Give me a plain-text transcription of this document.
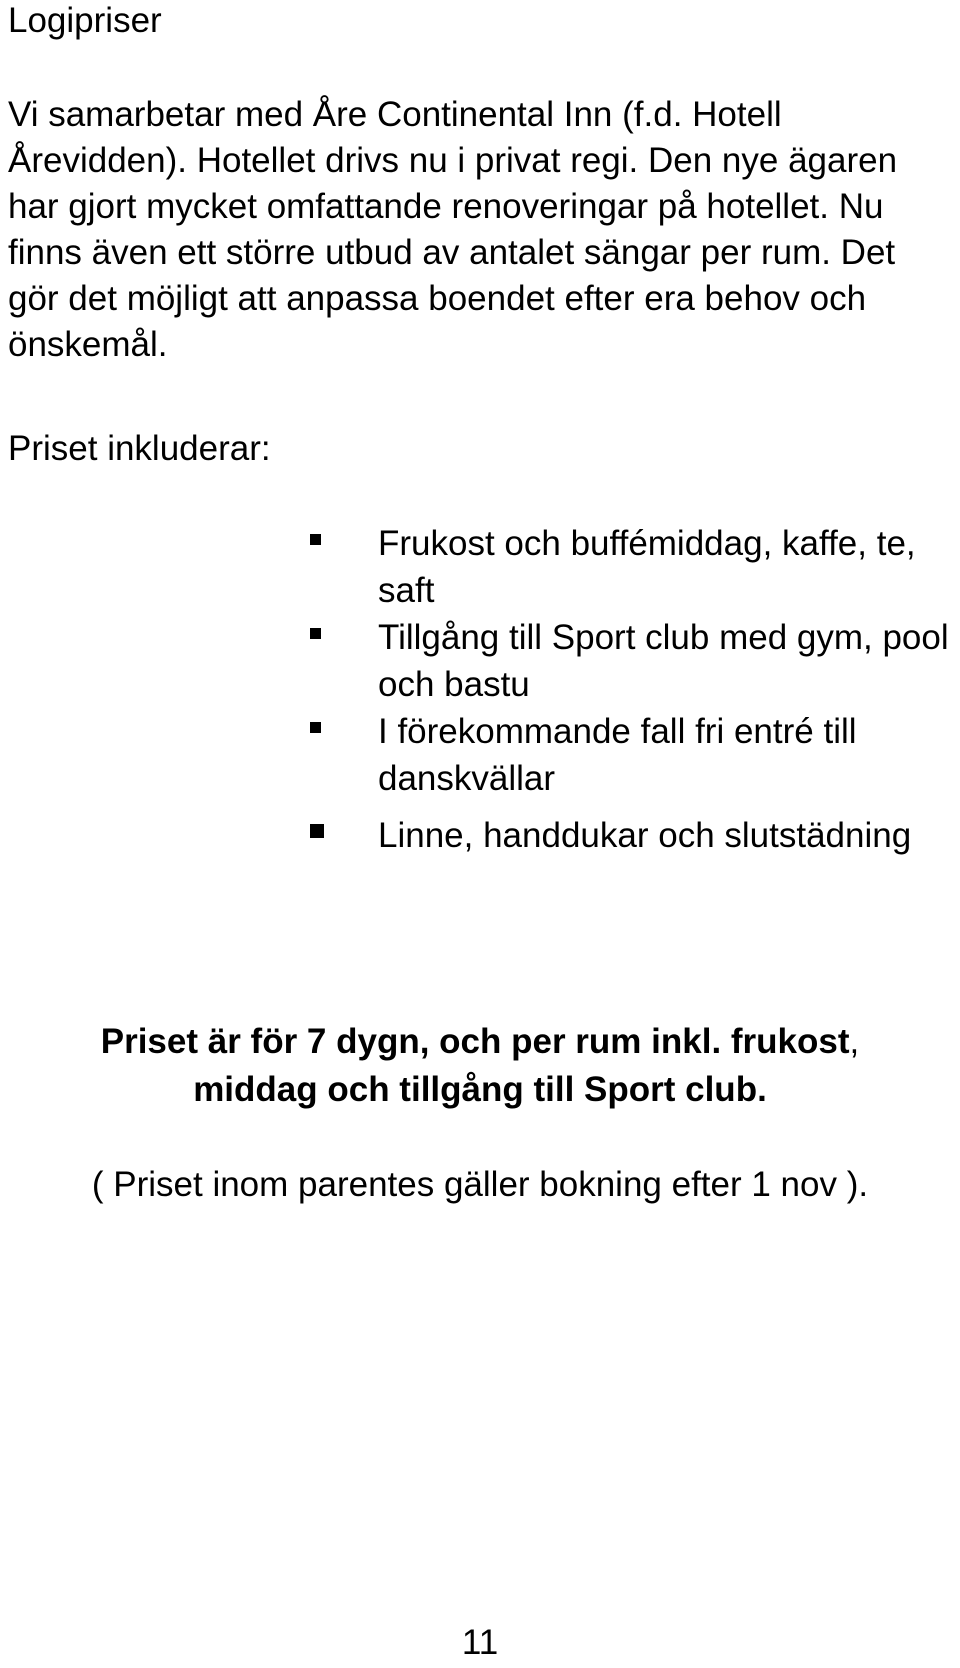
Logipriser

Vi samarbetar med Åre Continental Inn (f.d. Hotell Årevidden). Hotellet drivs nu i privat regi. Den nye ägaren har gjort mycket omfattande renoveringar på hotellet. Nu finns även ett större utbud av antalet sängar per rum. Det gör det möjligt att anpassa boendet efter era behov och önskemål.

Priset inkluderar:

Frukost och buffémiddag, kaffe, te, saft
Tillgång till Sport club med gym, pool och bastu
I förekommande fall fri entré till danskvällar
Linne, handdukar och slutstädning

Priset är för 7 dygn, och per rum inkl. frukost,
middag och tillgång till Sport club.

( Priset inom parentes gäller bokning efter 1 nov ).

11
